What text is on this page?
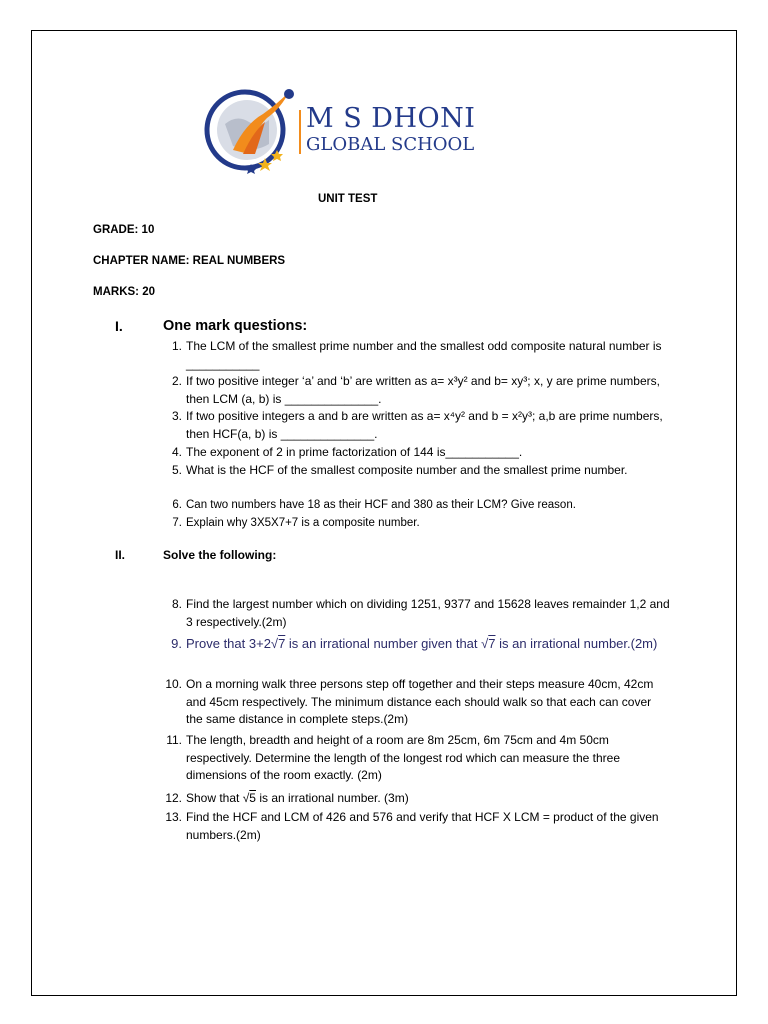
M S DHONI
GLOBAL SCHOOL
UNIT TEST
GRADE: 10
CHAPTER NAME: REAL NUMBERS
MARKS: 20
I.	One mark questions:
1. The LCM of the smallest prime number and the smallest odd composite natural number is ___________
2. If two positive integer ‘a’ and ‘b’ are written as a= x³y² and b= xy³; x, y are prime numbers, then LCM (a, b) is ______________.
3. If two positive integers a and b are written as a= x⁴y² and b = x²y³; a,b are prime numbers, then HCF(a, b) is ______________.
4. The exponent of 2 in prime factorization of 144 is___________.
5. What is the HCF of the smallest composite number and the smallest prime number.
6. Can two numbers have 18 as their HCF and 380 as their LCM? Give reason.
7. Explain why 3X5X7+7 is a composite number.
II.	Solve the following:
8. Find the largest number which on dividing 1251, 9377 and 15628 leaves remainder 1,2 and 3 respectively.(2m)
9. Prove that 3+2√7 is an irrational number given that √7 is an irrational number.(2m)
10. On a morning walk three persons step off together and their steps measure 40cm, 42cm and 45cm respectively. The minimum distance each should walk so that each can cover the same distance in complete steps.(2m)
11. The length, breadth and height of a room are 8m 25cm, 6m 75cm and 4m 50cm respectively. Determine the length of the longest rod which can measure the three dimensions of the room exactly. (2m)
12. Show that √5 is an irrational number. (3m)
13. Find the HCF and LCM of 426 and 576 and verify that HCF X LCM = product of the given numbers.(2m)
